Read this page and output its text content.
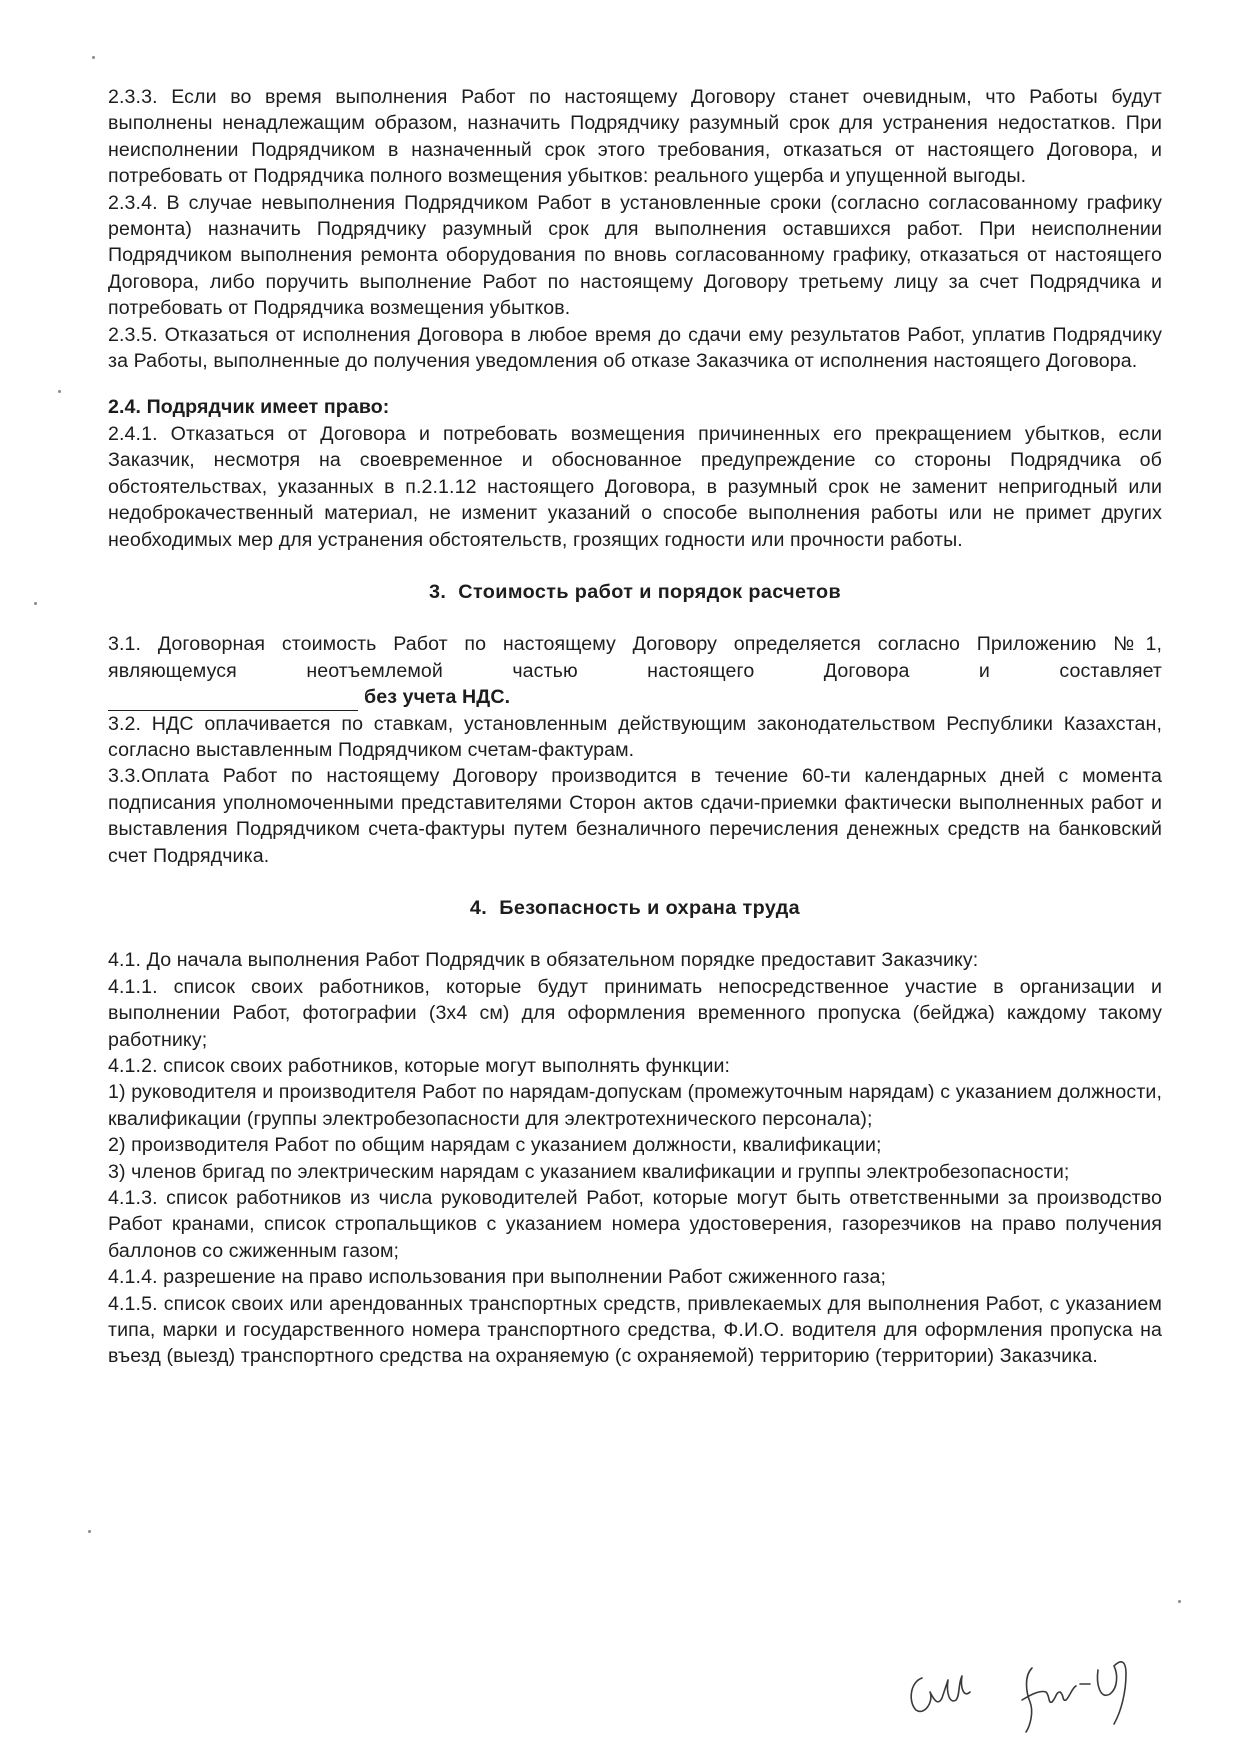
2.3.3. Если во время выполнения Работ по настоящему Договору станет очевидным, что Работы будут выполнены ненадлежащим образом, назначить Подрядчику разумный срок для устранения недостатков. При неисполнении Подрядчиком в назначенный срок этого требования, отказаться от настоящего Договора, и потребовать от Подрядчика полного возмещения убытков: реального ущерба и упущенной выгоды.

2.3.4. В случае невыполнения Подрядчиком Работ в установленные сроки (согласно согласованному графику ремонта) назначить Подрядчику разумный срок для выполнения оставшихся работ. При неисполнении Подрядчиком выполнения ремонта оборудования по вновь согласованному графику, отказаться от настоящего Договора, либо поручить выполнение Работ по настоящему Договору третьему лицу за счет Подрядчика и потребовать от Подрядчика возмещения убытков.

2.3.5. Отказаться от исполнения Договора в любое время до сдачи ему результатов Работ, уплатив Подрядчику за Работы, выполненные до получения уведомления об отказе Заказчика от исполнения настоящего Договора.

2.4. Подрядчик имеет право:

2.4.1. Отказаться от Договора и потребовать возмещения причиненных его прекращением убытков, если Заказчик, несмотря на своевременное и обоснованное предупреждение со стороны Подрядчика об обстоятельствах, указанных в п.2.1.12 настоящего Договора, в разумный срок не заменит непригодный или недоброкачественный материал, не изменит указаний о способе выполнения работы или не примет других необходимых мер для устранения обстоятельств, грозящих годности или прочности работы.

3. Стоимость работ и порядок расчетов

3.1. Договорная стоимость Работ по настоящему Договору определяется согласно Приложению №1, являющемуся неотъемлемой частью настоящего Договора и составляет

без учета НДС.

3.2. НДС оплачивается по ставкам, установленным действующим законодательством Республики Казахстан, согласно выставленным Подрядчиком счетам-фактурам.

3.3.Оплата Работ по настоящему Договору производится в течение 60-ти календарных дней с момента подписания уполномоченными представителями Сторон актов сдачи-приемки фактически выполненных работ и выставления Подрядчиком счета-фактуры путем безналичного перечисления денежных средств на банковский счет Подрядчика.

4. Безопасность и охрана труда

4.1. До начала выполнения Работ Подрядчик в обязательном порядке предоставит Заказчику:

4.1.1. список своих работников, которые будут принимать непосредственное участие в организации и выполнении Работ, фотографии (3х4 см) для оформления временного пропуска (бейджа) каждому такому работнику;

4.1.2. список своих работников, которые могут выполнять функции:

1) руководителя и производителя Работ по нарядам-допускам (промежуточным нарядам) с указанием должности, квалификации (группы электробезопасности для электротехнического персонала);

2) производителя Работ по общим нарядам с указанием должности, квалификации;

3) членов бригад по электрическим нарядам с указанием квалификации и группы электробезопасности;

4.1.3. список работников из числа руководителей Работ, которые могут быть ответственными за производство Работ кранами, список стропальщиков с указанием номера удостоверения, газорезчиков на право получения баллонов со сжиженным газом;

4.1.4. разрешение на право использования при выполнении Работ сжиженного газа;

4.1.5. список своих или арендованных транспортных средств, привлекаемых для выполнения Работ, с указанием типа, марки и государственного номера транспортного средства, Ф.И.О. водителя для оформления пропуска на въезд (выезд) транспортного средства на охраняемую (с охраняемой) территорию (территории) Заказчика.
